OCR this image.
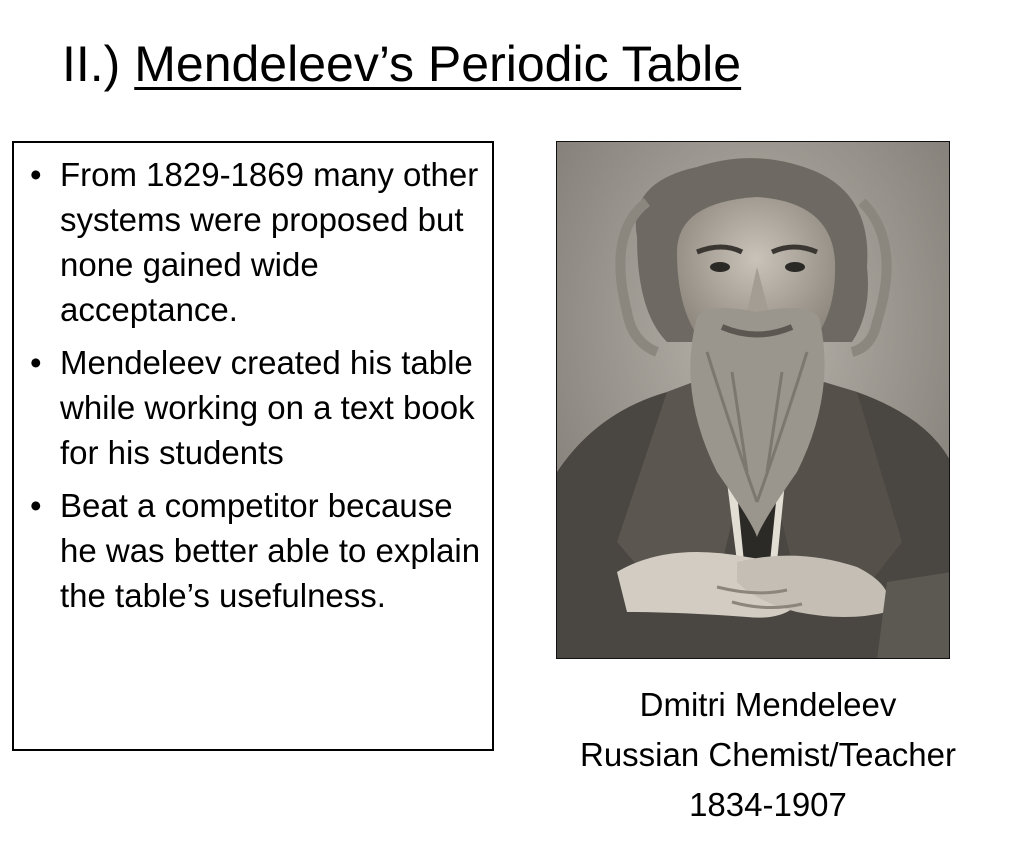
II.) Mendeleev’s Periodic Table
• From 1829-1869 many other systems were proposed but none gained wide acceptance.
• Mendeleev created his table while working on a text book for his students
• Beat a competitor because he was better able to explain the table’s usefulness.
Dmitri Mendeleev
Russian Chemist/Teacher
1834-1907
